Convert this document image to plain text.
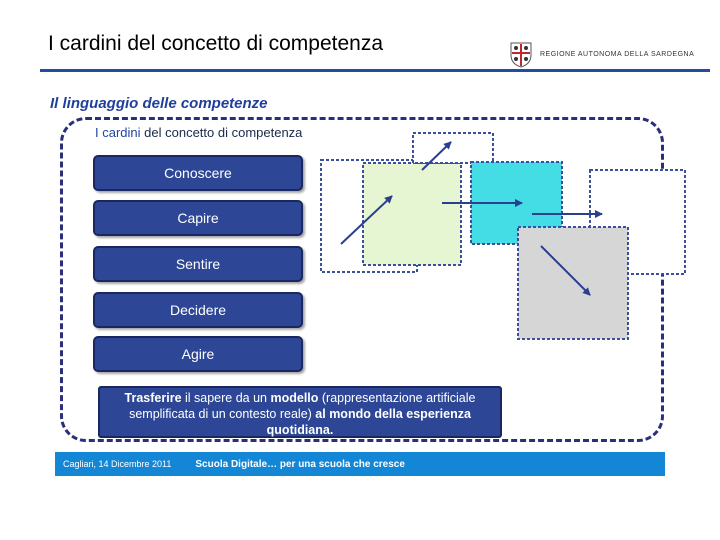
I cardini del concetto di competenza	REGIONE AUTONOMA DELLA SARDEGNA
Il linguaggio delle competenze
I cardini del concetto di competenza
Conoscere
Capire
Sentire
Decidere
Agire
Trasferire il sapere da un modello (rappresentazione artificiale semplificata di un contesto reale) al mondo della esperienza quotidiana.
Cagliari, 14 Dicembre 2011 Scuola Digitale… per una scuola che cresce
